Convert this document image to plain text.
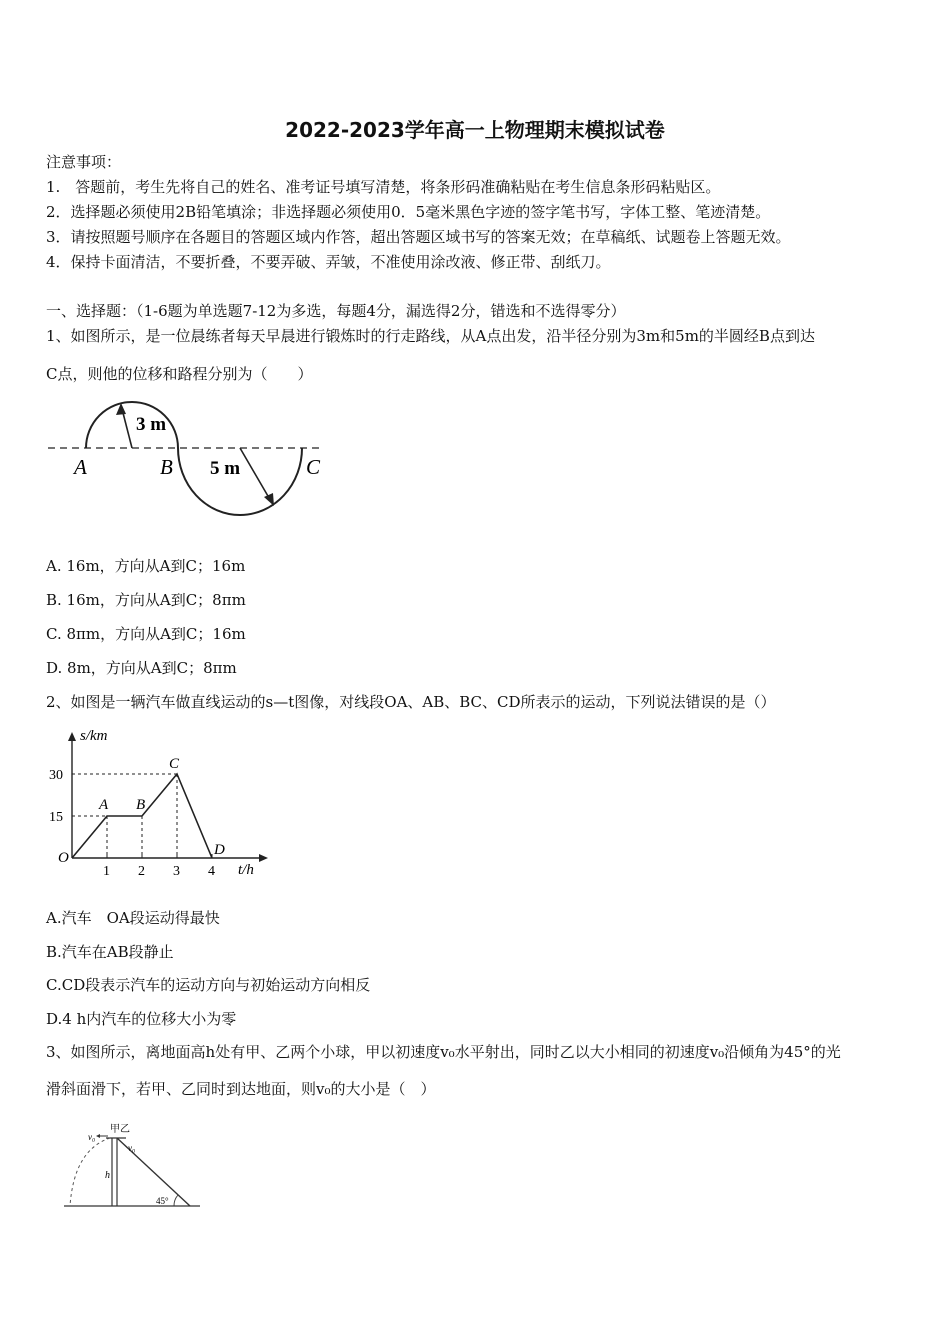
2022-2023学年高一上物理期末模拟试卷
注意事项：
1.　答题前，考生先将自己的姓名、准考证号填写清楚，将条形码准确粘贴在考生信息条形码粘贴区。
2．选择题必须使用2B铅笔填涂；非选择题必须使用0．5毫米黑色字迹的签字笔书写，字体工整、笔迹清楚。
3．请按照题号顺序在各题目的答题区域内作答，超出答题区域书写的答案无效；在草稿纸、试题卷上答题无效。
4．保持卡面清洁，不要折叠，不要弄破、弄皱，不准使用涂改液、修正带、刮纸刀。
一、选择题：（1-6题为单选题7-12为多选，每题4分，漏选得2分，错选和不选得零分）
1、如图所示，是一位晨练者每天早晨进行锻炼时的行走路线，从A点出发，沿半径分别为3m和5m的半圆经B点到达
C点，则他的位移和路程分别为（　　）
3 m
5 m
A	B	C
A. 16m，方向从A到C；16m
B. 16m，方向从A到C；8πm
C. 8πm，方向从A到C；16m
D. 8m，方向从A到C；8πm
2、如图是一辆汽车做直线运动的s—t图像，对线段OA、AB、BC、CD所表示的运动，下列说法错误的是（）
s/km
t/h
O
A B
C
D
1 2 3 4
15
30
A.汽车　OA段运动得最快
B.汽车在AB段静止
C.CD段表示汽车的运动方向与初始运动方向相反
D.4 h内汽车的位移大小为零
3、如图所示，离地面高h处有甲、乙两个小球，甲以初速度v₀水平射出，同时乙以大小相同的初速度v₀沿倾角为45°的光
滑斜面滑下，若甲、乙同时到达地面，则v₀的大小是（　）
甲乙
v₀
v₀
h
45°
